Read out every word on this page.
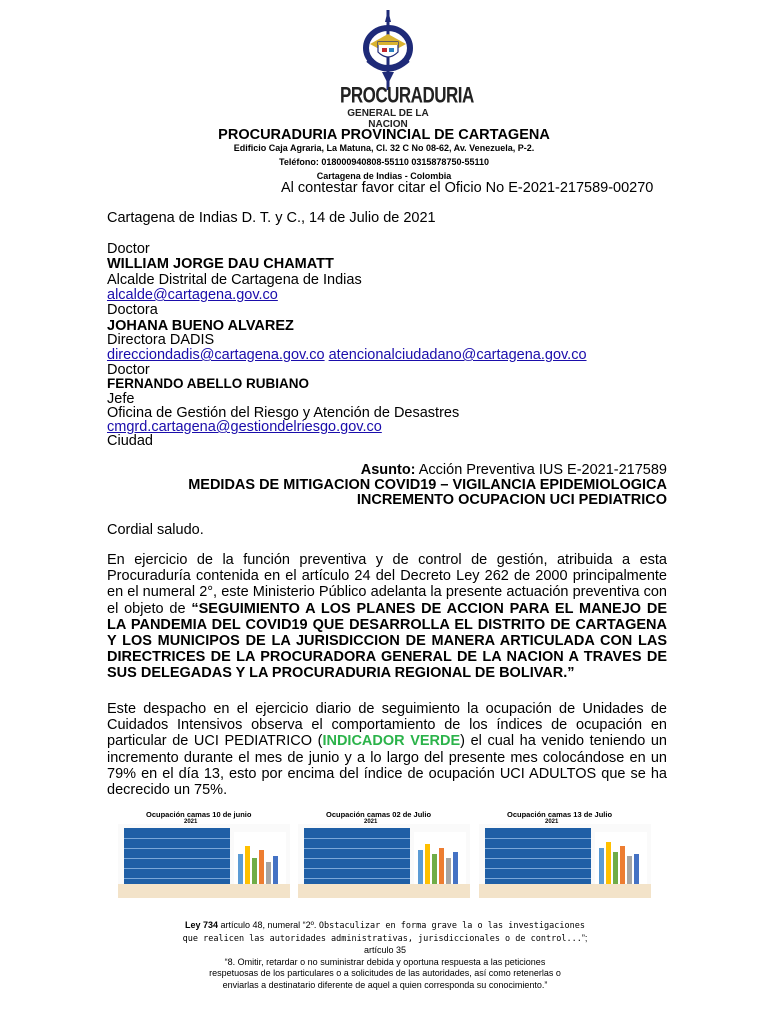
PROCURADURIA
GENERAL DE LA NACION
PROCURADURIA PROVINCIAL DE CARTAGENA
Edificio Caja Agraria, La Matuna, Cl. 32 C No 08-62, Av. Venezuela, P-2.
Teléfono: 018000940808-55110 0315878750-55110
Cartagena de Indias - Colombia
Al contestar favor citar el Oficio No E-2021-217589-00270
Cartagena de Indias D. T. y C., 14 de Julio de 2021
Doctor
WILLIAM JORGE DAU CHAMATT
Alcalde Distrital de Cartagena de Indias
alcalde@cartagena.gov.co
Doctora
JOHANA BUENO ALVAREZ
Directora DADIS
direcciondadis@cartagena.gov.co atencionalciudadano@cartagena.gov.co
Doctor
FERNANDO ABELLO RUBIANO
Jefe
Oficina de Gestión del Riesgo y Atención de Desastres
cmgrd.cartagena@gestiondelriesgo.gov.co
Ciudad
Asunto: Acción Preventiva IUS E-2021-217589
MEDIDAS DE MITIGACION COVID19 – VIGILANCIA EPIDEMIOLOGICA
INCREMENTO OCUPACION UCI PEDIATRICO
Cordial saludo.
En ejercicio de la función preventiva y de control de gestión, atribuida a esta Procuraduría contenida en el artículo 24 del Decreto Ley 262 de 2000 principalmente en el numeral 2°, este Ministerio Público adelanta la presente actuación preventiva con el objeto de “SEGUIMIENTO A LOS PLANES DE ACCION PARA EL MANEJO DE LA PANDEMIA DEL COVID19 QUE DESARROLLA EL DISTRITO DE CARTAGENA Y LOS MUNICIPOS DE LA JURISDICCION DE MANERA ARTICULADA CON LAS DIRECTRICES DE LA PROCURADORA GENERAL DE LA NACION A TRAVES DE SUS DELEGADAS Y LA PROCURADURIA REGIONAL DE BOLIVAR.”
Este despacho en el ejercicio diario de seguimiento la ocupación de Unidades de Cuidados Intensivos observa el comportamiento de los índices de ocupación en particular de UCI PEDIATRICO (INDICADOR VERDE) el cual ha venido teniendo un incremento durante el mes de junio y a lo largo del presente mes colocándose en un 79% en el día 13, esto por encima del índice de ocupación UCI ADULTOS que se ha decrecido un 75%.
Ocupación camas 10 de junio
2021
Ocupación camas 02 de Julio
2021
Ocupación camas 13 de Julio
2021
Ley 734 artículo 48, numeral “2º. Obstaculizar en forma grave la o las investigaciones
que realicen las autoridades administrativas, jurisdiccionales o de control...”; artículo 35
“8. Omitir, retardar o no suministrar debida y oportuna respuesta a las peticiones
respetuosas de los particulares o a solicitudes de las autoridades, así como retenerlas o
enviarlas a destinatario diferente de aquel a quien corresponda su conocimiento.”
